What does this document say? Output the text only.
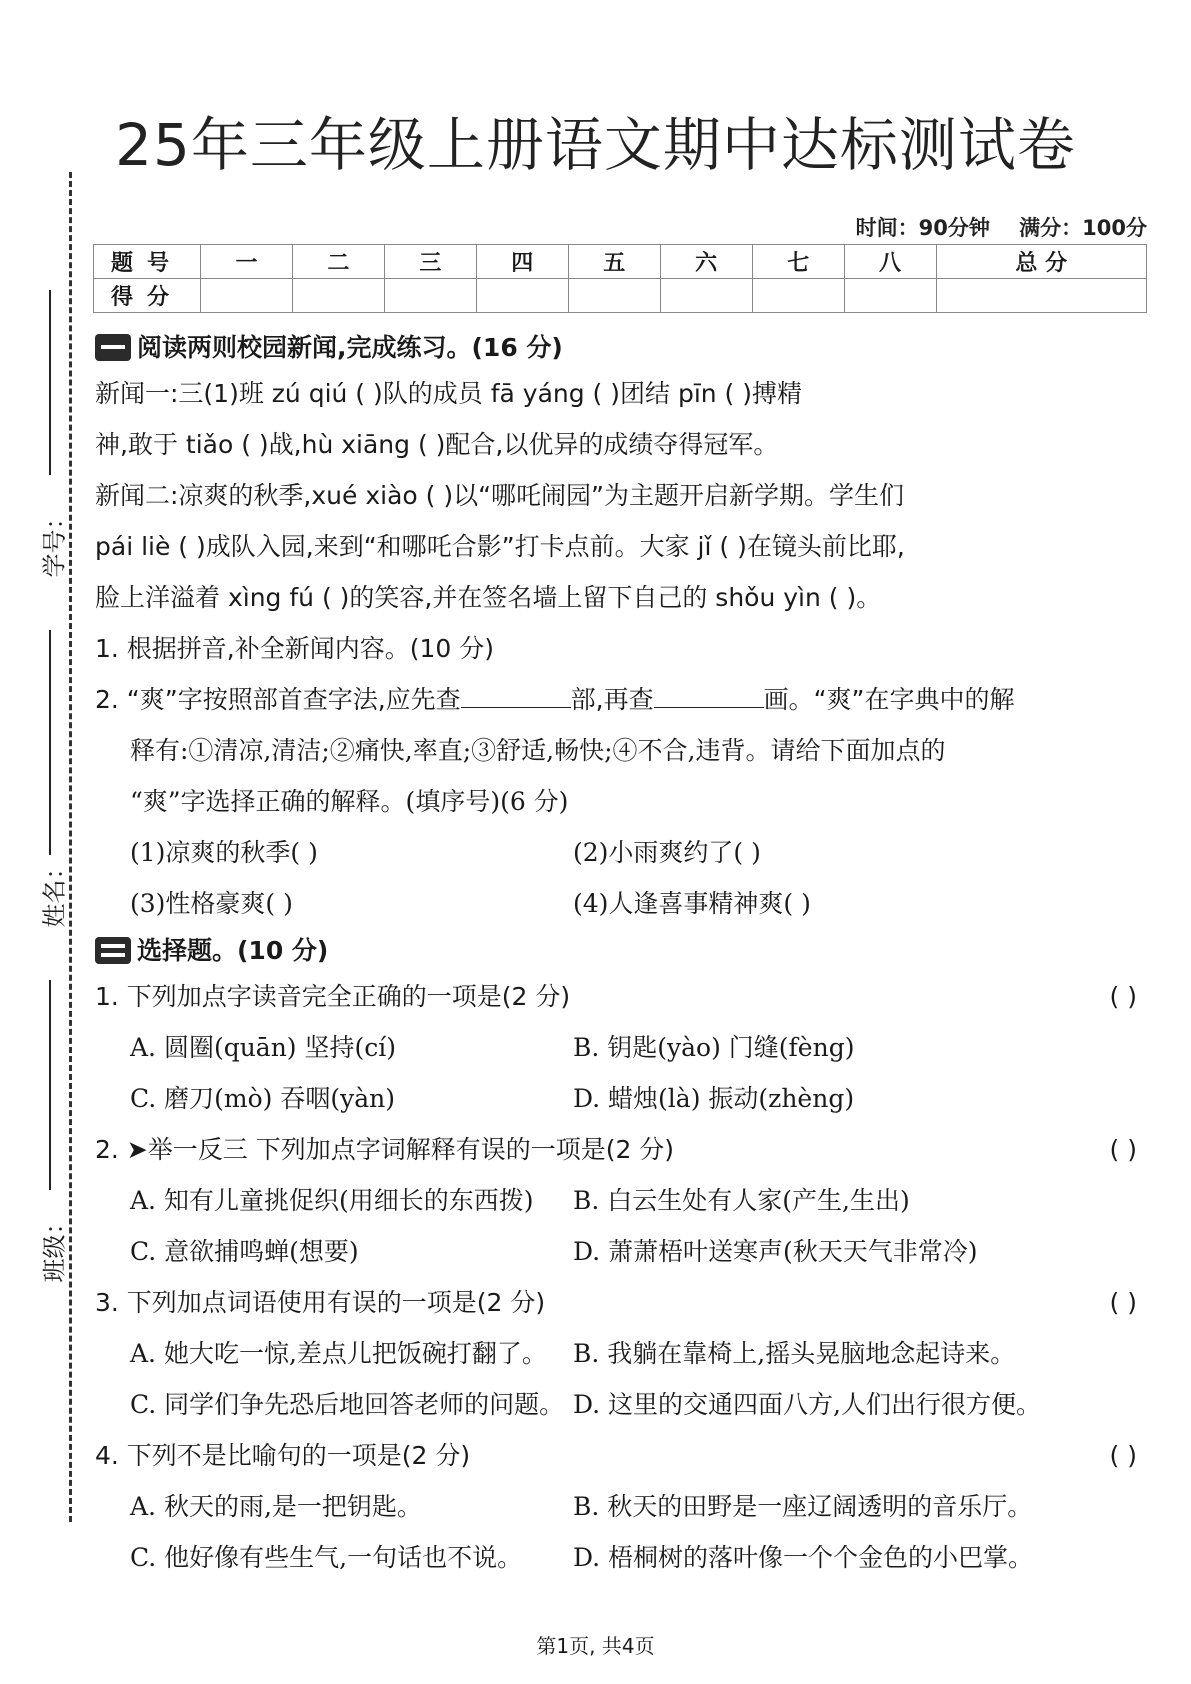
25年三年级上册语文期中达标测试卷
时间：90分钟 满分：100分
题号	一	二	三	四	五	六	七	八	总 分
得分									
学号：
姓名：
班级：
阅读两则校园新闻,完成练习。(16 分)
新闻一:三(1)班 zú qiú ( )队的成员 fā yáng ( )团结 pīn ( )搏精
神,敢于 tiǎo ( )战,hù xiāng ( )配合,以优异的成绩夺得冠军。
新闻二:凉爽的秋季,xué xiào ( )以“哪吒闹园”为主题开启新学期。学生们
pái liè ( )成队入园,来到“和哪吒合影”打卡点前。大家 jǐ ( )在镜头前比耶,
脸上洋溢着 xìng fú ( )的笑容,并在签名墙上留下自己的 shǒu yìn ( )。
1. 根据拼音,补全新闻内容。(10 分)
2. “爽”字按照部首查字法,应先查	部,再查	画。“爽”在字典中的解
释有:①清凉,清洁;②痛快,率直;③舒适,畅快;④不合,违背。请给下面加点的
“爽”字选择正确的解释。(填序号)(6 分)
(1)凉爽的秋季( )	(2)小雨爽约了( )
(3)性格豪爽( )	(4)人逢喜事精神爽( )
选择题。(10 分)
1. 下列加点字读音完全正确的一项是(2 分)	( )
A. 圆圈(quān) 坚持(cí)	B. 钥匙(yào) 门缝(fèng)
C. 磨刀(mò) 吞咽(yàn)	D. 蜡烛(là) 振动(zhèng)
2. ➤举一反三 下列加点字词解释有误的一项是(2 分)	( )
A. 知有儿童挑促织(用细长的东西拨)	B. 白云生处有人家(产生,生出)
C. 意欲捕鸣蝉(想要)	D. 萧萧梧叶送寒声(秋天天气非常冷)
3. 下列加点词语使用有误的一项是(2 分)	( )
A. 她大吃一惊,差点儿把饭碗打翻了。	B. 我躺在靠椅上,摇头晃脑地念起诗来。
C. 同学们争先恐后地回答老师的问题。 D. 这里的交通四面八方,人们出行很方便。
4. 下列不是比喻句的一项是(2 分)	( )
A. 秋天的雨,是一把钥匙。	B. 秋天的田野是一座辽阔透明的音乐厅。
C. 他好像有些生气,一句话也不说。	D. 梧桐树的落叶像一个个金色的小巴掌。
第1页, 共4页
